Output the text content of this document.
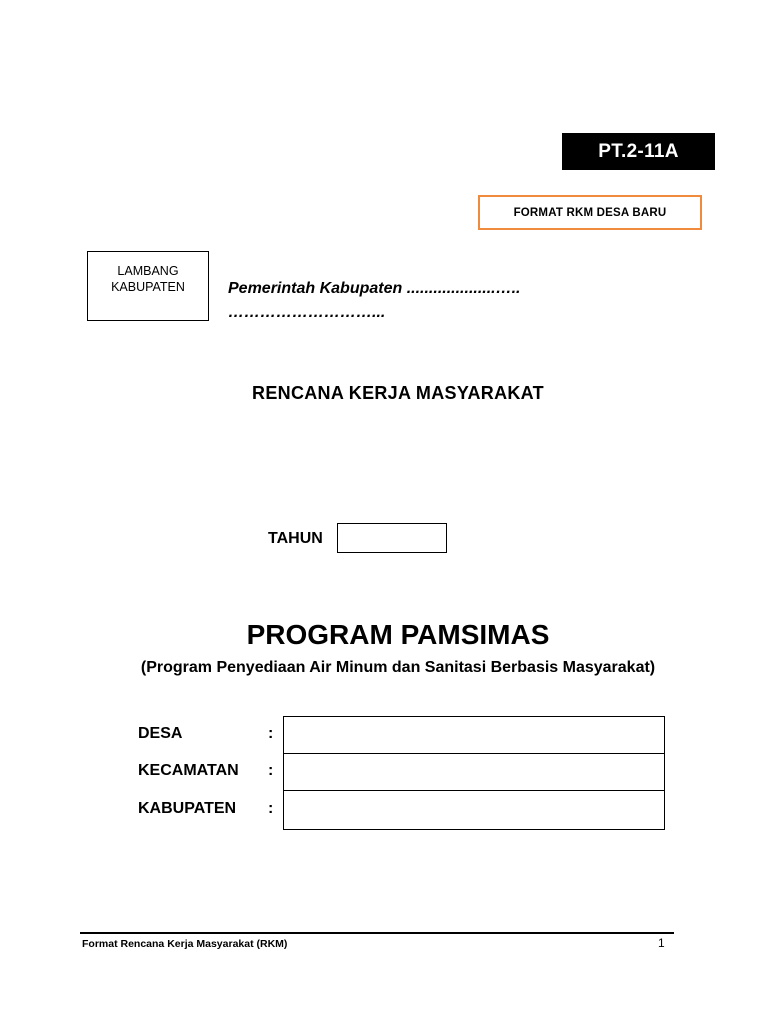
PT.2-11A
FORMAT RKM DESA BARU
LAMBANG
KABUPATEN	Pemerintah Kabupaten ....................…..
………………………...
RENCANA KERJA MASYARAKAT
TAHUN
PROGRAM PAMSIMAS
(Program Penyediaan Air Minum dan Sanitasi Berbasis Masyarakat)
DESA	:
KECAMATAN :
KABUPATEN :
Format Rencana Kerja Masyarakat (RKM)	1
